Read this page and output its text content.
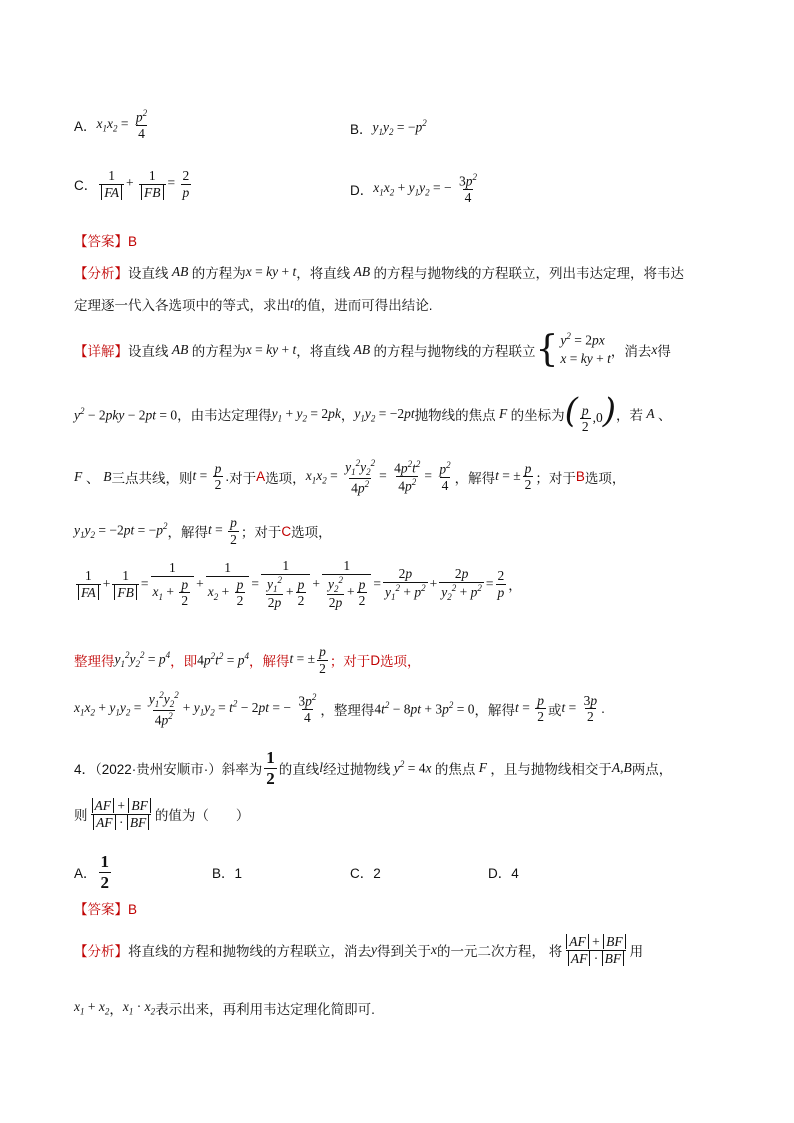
A． $x_1x_2 = \frac{p^2}{4}$	B． $y_1y_2 = -p^2$
C． $\frac{1}{FA} + \frac{1}{FB} = \frac{2}{p}$	D． $x_1x_2 + y_1y_2$ = − $\frac{3p^2}{4}$
【答案】B
【分析】 设直线 AB 的方程为 x = ky + t ，将直线 AB 的方程与抛物线的方程联立，列出韦达定理，将韦达
定理逐一代入各选项中的等式，求出 t 的值，进而可得出结论.
【详解】 设直线 AB 的方程为 x = ky + t ，将直线 AB 的方程与抛物线的方程联立 { $y^2 = 2px$
x = ky + t
，消去 x 得
$y^2 - 2pky - 2pt = 0$ ，由韦达定理得 $y_1 + y_2 = 2pk$ ， $y_1y_2 = -2pt$ 抛物线的焦点 F 的坐标为 ( $\frac{p}{2} ,0$) ，若 A 、
F 、 B 三点共线，则 $t = \frac{p}{2}$ . 对于 A 选项， $x_1x_2 = \frac{y_1^2y_2^2}{4p^2} = \frac{4p^2t^2}{4p^2} = \frac{p^2}{4}$ ，解得 t = ± $\frac{p}{2}$ ；对于 B 选项，
$y_1y_2 = -2pt = -p^2$ ，解得 $t = \frac{p}{2}$ ；对于 C 选项，
$\frac{1}{FA} + \frac{1}{FB} = \frac{1}{x_1 + \frac{p}{2}} + \frac{1}{x_2 + \frac{p}{2}} = \frac{1}{\frac{y_1^2}{2p} + \frac{p}{2}} + \frac{1}{\frac{y_2^2}{2p} + \frac{p}{2}} = \frac{2p}{y_1^2 + p^2} + \frac{2p}{y_2^2 + p^2} = \frac{2}{p}$ ，
整理得 $y_1^2y_2^2 = p^4$ ，即 $4p^2t^2 = p^4$ ，解得 t = ± $\frac{p}{2}$ ；对于 D 选项，
$x_1x_2 + y_1y_2 = \frac{y_1^2y_2^2}{4p^2} + y_1y_2 = t^2 - 2pt$ = − $\frac{3p^2}{4}$ ，整理得 $4t^2 - 8pt + 3p^2 = 0$ ，解得 $t = \frac{p}{2}$ 或 $t = \frac{3p}{2}$ .
4．（2022·贵州安顺市·）斜率为 $\frac{1}{2}$ 的直线 l 经过抛物线 $y^2 = 4x$ 的焦点 F ，且与抛物线相交于 A,B 两点，
则 $\frac{AF + BF}{AF \cdot BF}$ 的值为（　　）
A． $\frac{1}{2}$	B．1	C．2	D．4
【答案】B
【分析】 将直线的方程和抛物线的方程联立，消去 y 得到关于 x 的一元二次方程， 将 $\frac{AF + BF}{AF \cdot BF}$ 用
$x_1 + x_2$ ， $x_1 \cdot x_2$ 表示出来，再利用韦达定理化简即可.
